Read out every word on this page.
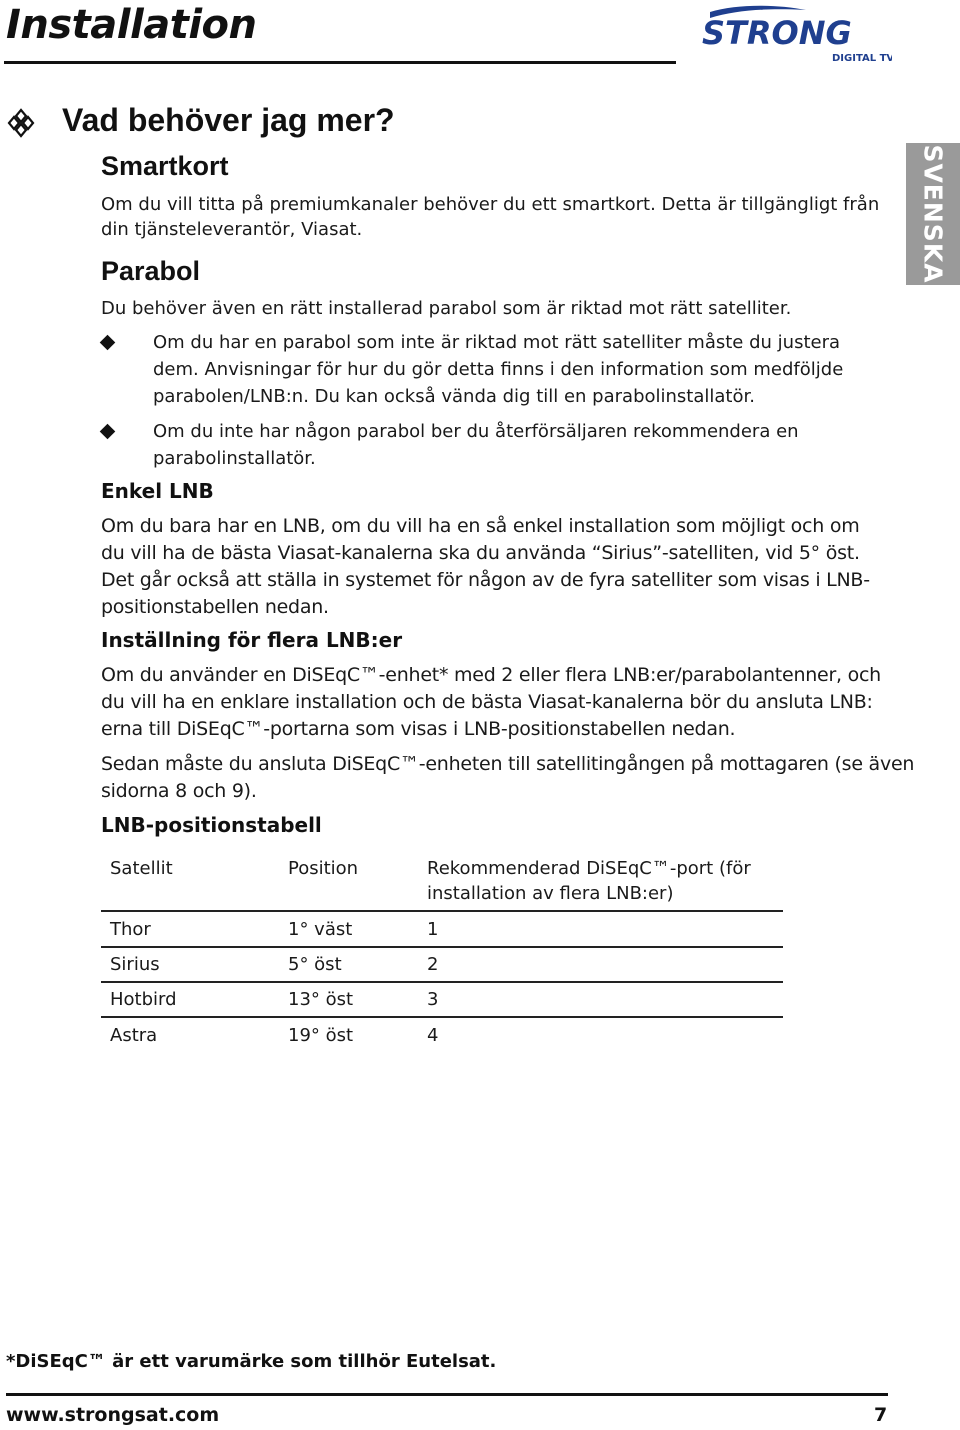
Installation	STRONG
DIGITAL TV
SVENSKA
Vad behöver jag mer?
Smartkort
Om du vill titta på premiumkanaler behöver du ett smartkort. Detta är tillgängligt från
din tjänsteleverantör, Viasat.
Parabol
Du behöver även en rätt installerad parabol som är riktad mot rätt satelliter.
Om du har en parabol som inte är riktad mot rätt satelliter måste du justera
dem. Anvisningar för hur du gör detta finns i den information som medföljde
parabolen/LNB:n. Du kan också vända dig till en parabolinstallatör.
Om du inte har någon parabol ber du återförsäljaren rekommendera en
parabolinstallatör.
Enkel LNB
Om du bara har en LNB, om du vill ha en så enkel installation som möjligt och om
du vill ha de bästa Viasat-kanalerna ska du använda “Sirius”-satelliten, vid 5° öst.
Det går också att ställa in systemet för någon av de fyra satelliter som visas i LNB-
positionstabellen nedan.
Inställning för flera LNB:er
Om du använder en DiSEqC™-enhet* med 2 eller flera LNB:er/parabolantenner, och
du vill ha en enklare installation och de bästa Viasat-kanalerna bör du ansluta LNB:
erna till DiSEqC™-portarna som visas i LNB-positionstabellen nedan.
Sedan måste du ansluta DiSEqC™-enheten till satellitingången på mottagaren (se även
sidorna 8 och 9).
LNB-positionstabell
Satellit	Position	Rekommenderad DiSEqC™-port (för
installation av flera LNB:er)
Thor	1° väst	1
Sirius	5° öst	2
Hotbird	13° öst	3
Astra	19° öst	4
*DiSEqC™ är ett varumärke som tillhör Eutelsat.
www.strongsat.com	7
